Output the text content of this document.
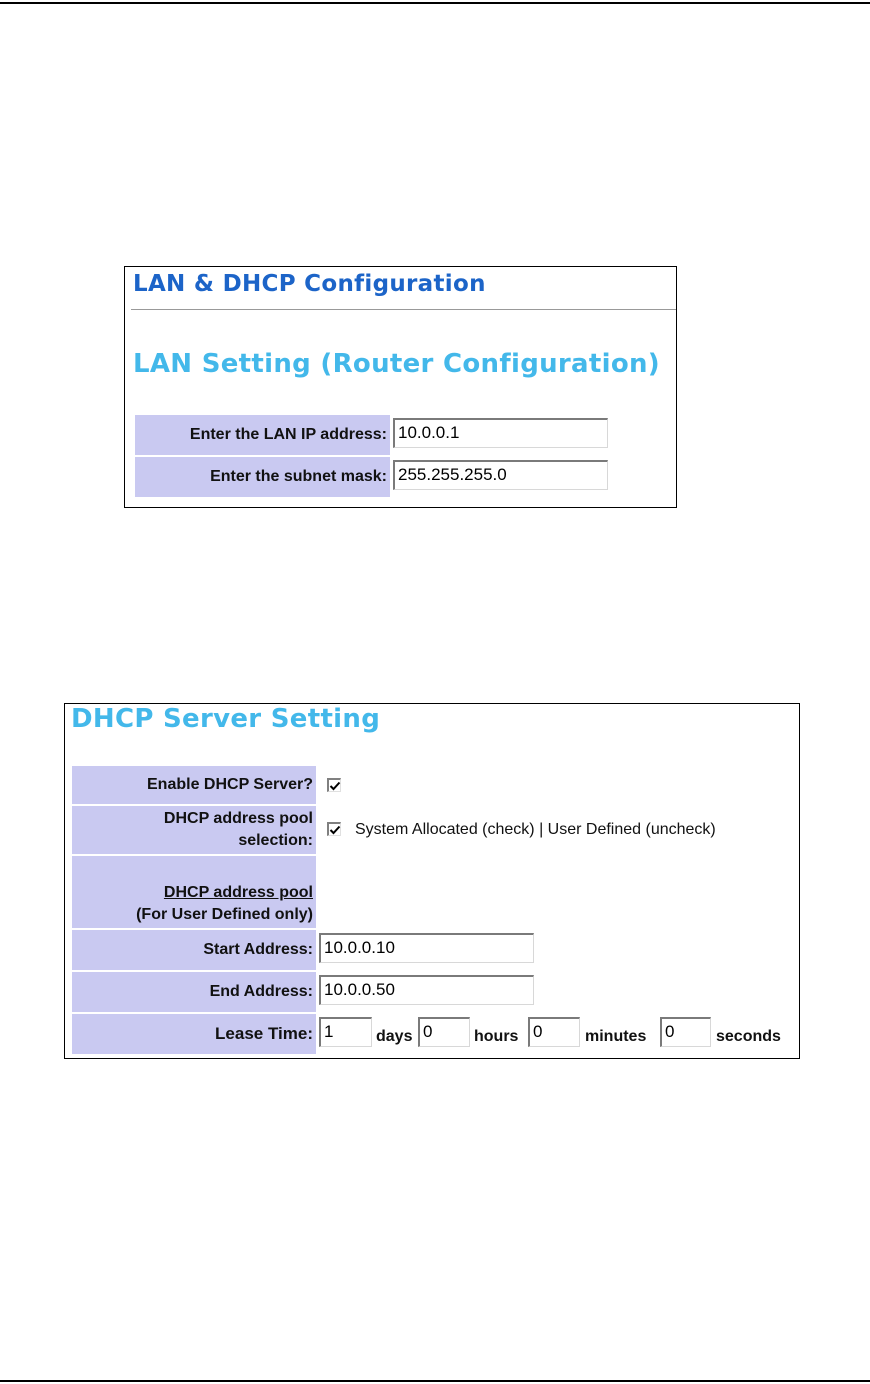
LAN & DHCP Configuration
LAN Setting (Router Configuration)
Enter the LAN IP address: 10.0.0.1
Enter the subnet mask: 255.255.255.0
DHCP Server Setting
Enable DHCP Server?
DHCP address pool
selection:
System Allocated (check) | User Defined (uncheck)
DHCP address pool
(For User Defined only)
Start Address: 10.0.0.10
End Address: 10.0.0.50
Lease Time: 1	days 0	hours 0	minutes 0	seconds
